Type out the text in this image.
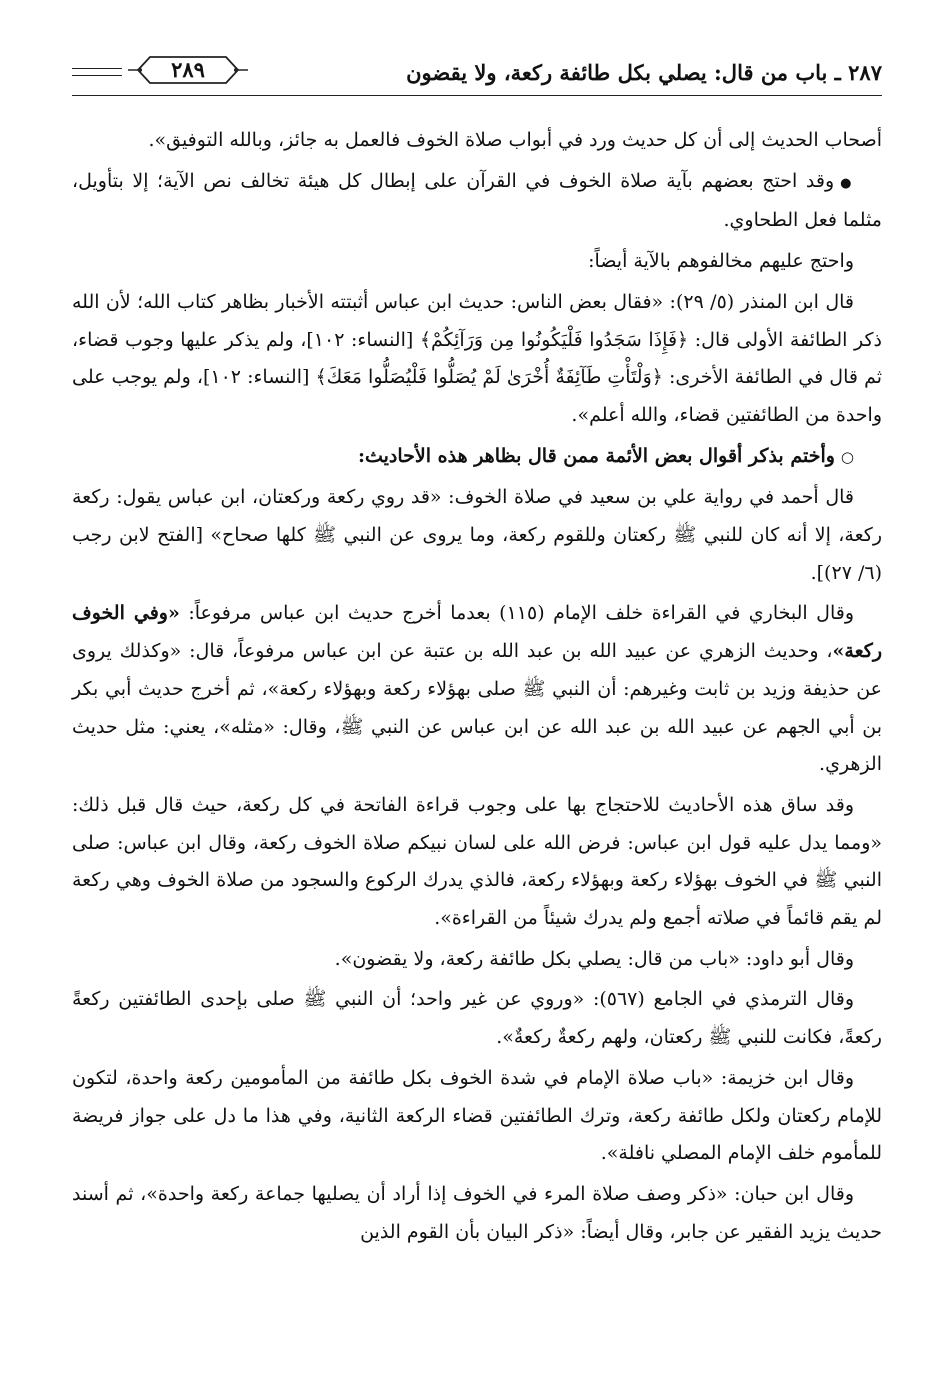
٢٨٧ ـ باب من قال: يصلي بكل طائفة ركعة، ولا يقضون
٢٨٩

أصحاب الحديث إلى أن كل حديث ورد في أبواب صلاة الخوف فالعمل به جائز، وبالله التوفيق».

●وقد احتج بعضهم بآية صلاة الخوف في القرآن على إبطال كل هيئة تخالف نص الآية؛ إلا بتأويل، مثلما فعل الطحاوي.

واحتج عليهم مخالفوهم بالآية أيضاً:

قال ابن المنذر (٥/ ٢٩): «فقال بعض الناس: حديث ابن عباس أثبتته الأخبار بظاهر كتاب الله؛ لأن الله ذكر الطائفة الأولى قال: ﴿فَإِذَا سَجَدُوا فَلْيَكُونُوا مِن وَرَآئِكُمْ﴾ [النساء: ١٠٢]، ولم يذكر عليها وجوب قضاء، ثم قال في الطائفة الأخرى: ﴿وَلْتَأْتِ طَآئِفَةٌ أُخْرَىٰ لَمْ يُصَلُّوا فَلْيُصَلُّوا مَعَكَ﴾ [النساء: ١٠٢]، ولم يوجب على واحدة من الطائفتين قضاء، والله أعلم».

○وأختم بذكر أقوال بعض الأئمة ممن قال بظاهر هذه الأحاديث:

قال أحمد في رواية علي بن سعيد في صلاة الخوف: «قد روي ركعة وركعتان، ابن عباس يقول: ركعة ركعة، إلا أنه كان للنبي ﷺ ركعتان وللقوم ركعة، وما يروى عن النبي ﷺ كلها صحاح» [الفتح لابن رجب (٦/ ٢٧)].

وقال البخاري في القراءة خلف الإمام (١١٥) بعدما أخرج حديث ابن عباس مرفوعاً: «وفي الخوف ركعة»، وحديث الزهري عن عبيد الله بن عبد الله بن عتبة عن ابن عباس مرفوعاً، قال: «وكذلك يروى عن حذيفة وزيد بن ثابت وغيرهم: أن النبي ﷺ صلى بهؤلاء ركعة وبهؤلاء ركعة»، ثم أخرج حديث أبي بكر بن أبي الجهم عن عبيد الله بن عبد الله عن ابن عباس عن النبي ﷺ، وقال: «مثله»، يعني: مثل حديث الزهري.

وقد ساق هذه الأحاديث للاحتجاج بها على وجوب قراءة الفاتحة في كل ركعة، حيث قال قبل ذلك: «ومما يدل عليه قول ابن عباس: فرض الله على لسان نبيكم صلاة الخوف ركعة، وقال ابن عباس: صلى النبي ﷺ في الخوف بهؤلاء ركعة وبهؤلاء ركعة، فالذي يدرك الركوع والسجود من صلاة الخوف وهي ركعة لم يقم قائماً في صلاته أجمع ولم يدرك شيئاً من القراءة».

وقال أبو داود: «باب من قال: يصلي بكل طائفة ركعة، ولا يقضون».

وقال الترمذي في الجامع (٥٦٧): «وروي عن غير واحد؛ أن النبي ﷺ صلى بإحدى الطائفتين ركعةً ركعةً، فكانت للنبي ﷺ ركعتان، ولهم ركعةٌ ركعةٌ».

وقال ابن خزيمة: «باب صلاة الإمام في شدة الخوف بكل طائفة من المأمومين ركعة واحدة، لتكون للإمام ركعتان ولكل طائفة ركعة، وترك الطائفتين قضاء الركعة الثانية، وفي هذا ما دل على جواز فريضة للمأموم خلف الإمام المصلي نافلة».

وقال ابن حبان: «ذكر وصف صلاة المرء في الخوف إذا أراد أن يصليها جماعة ركعة واحدة»، ثم أسند حديث يزيد الفقير عن جابر، وقال أيضاً: «ذكر البيان بأن القوم الذين
